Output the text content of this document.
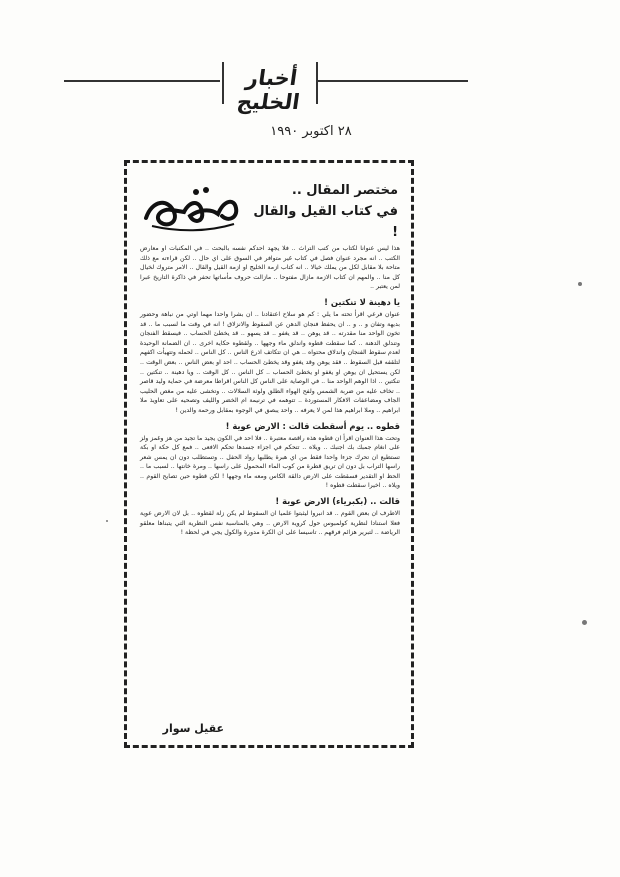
أخبار الخليج
٢٨ اكتوبر ١٩٩٠
مختصر المقال ..
في كتاب القيل والقال !

هذا ليس عنوانا لكتاب من كتب التراث .. فلا يجهد احدكم نفسه بالبحث .. في المكتبات او معارض الكتب .. انه مجرد عنوان فصل في كتاب غير متوافر في السوق على اي حال .. لكن قراءته مع ذلك متاحة بلا مقابل لكل من يملك خيالا .. انه كتاب ازمة الخليج او ازمة القيل والقال .. الامر متروك لخيال كل منا .. والمهم ان كتاب الازمة مازال مفتوحا .. مازالت حروف مأساتها تحفر في ذاكرة التاريخ عبرا لمن يعتبر ..

يا دهينة لا تنكتين !

عنوان فرعي اقرأ تحته ما يلي : كم هو سلاح اعتقادنا .. ان بشرا واحدا مهما اوتي من نباهة وحضور بديهة وتفان و .. و .. ان يحفظ فنجان الدهن عن السقوط والانزلاق ! انه في وقت ما لسبب ما .. قد تخون الواحد منا مقدرته .. قد يوهن .. قد يغفو .. قد يسهو .. قد يخطئ الحساب .. فيسقط الفنجان وتندلق الدهنة .. كما سقطت قطوه واندلق ماء وجهها .. ولقطوه حكاية اخرى .. ان الضمانة الوحيدة لعدم سقوط الفنجان واندلاق محتواه .. هي ان تتكاتف اذرع الناس .. كل الناس .. لحمله وتتهيأت اكفهم لتلقفه قبل السقوط .. فقد يوهن وقد يغفو وقد يخطئ الحساب .. احد او بعض الناس .. بعض الوقت .. لكن يستحيل ان يوهن او يغفو او يخطئ الحساب .. كل الناس .. كل الوقت .. ويا دهينة .. تنكتين .. تنكتين .. اذا الوهم الواحد منا .. في الوصاية على الناس كل الناس اقراطا معرضة في حماية وليد قاصر .. تخاف عليه من ضربة الشمس ولفح الهواء الطلق ولوثة السلالات .. وتخشى عليه من مغص الحليب الجاف ومضاعفات الافكار المستوردة .. تتوهمه في ترنيمة ام الخضر والليف وتصحيه على تعاويذ ملا ابراهيم .. وملا ابراهيم هذا لمن لا يعرفه .. واحد يبصق في الوجوه بمقابل ورحمة والدين !

قطوه .. يوم أسقطت قالت : الارض عوية !

وتحت هذا العنوان اقرأ ان قطوه هذه راقصة معتبرة .. فلا احد في الكون يجيد ما تجيد من هز وغمز ولز على انغام جمبك بك اجنبك .. ويلاه .. تتحكم في اجزاء جسدها تحكم الافعى .. فمع كل حكة او بكة تستطيع ان تحرك جزءا واحدا فقط من اي هبرة يطلبها رواد الحفل .. وتستطلب دون ان يمس شعر راسها التراب بل دون ان تريق قطرة من كوب الماء المحمول على راسها .. ومرة خانتها .. لسبب ما .. الحظ او التقدير فسقطت على الارض دالقة الكاس ومعه ماء وجهها ! لكن قطوه حين تصايح القوم .. ويلاه .. اخيرا سقطت قطوه !

قالت .. (بكبرياء) الارض عوية !

الاطرف ان بعض القوم .. قد انبروا ليثبتوا علميا ان السقوط لم يكن زلة لقطوه .. بل لان الارض عوية فعلا استنادا لنظرية كولمبوس حول كروية الارض .. وهي بالمناسبة نفس النظرية التي يتبناها معلقو الرياضة .. لتبرير هزائم فرقهم .. تاسيسا على ان الكرة مدورة والكول يجي في لحظة !

عقيل سوار
